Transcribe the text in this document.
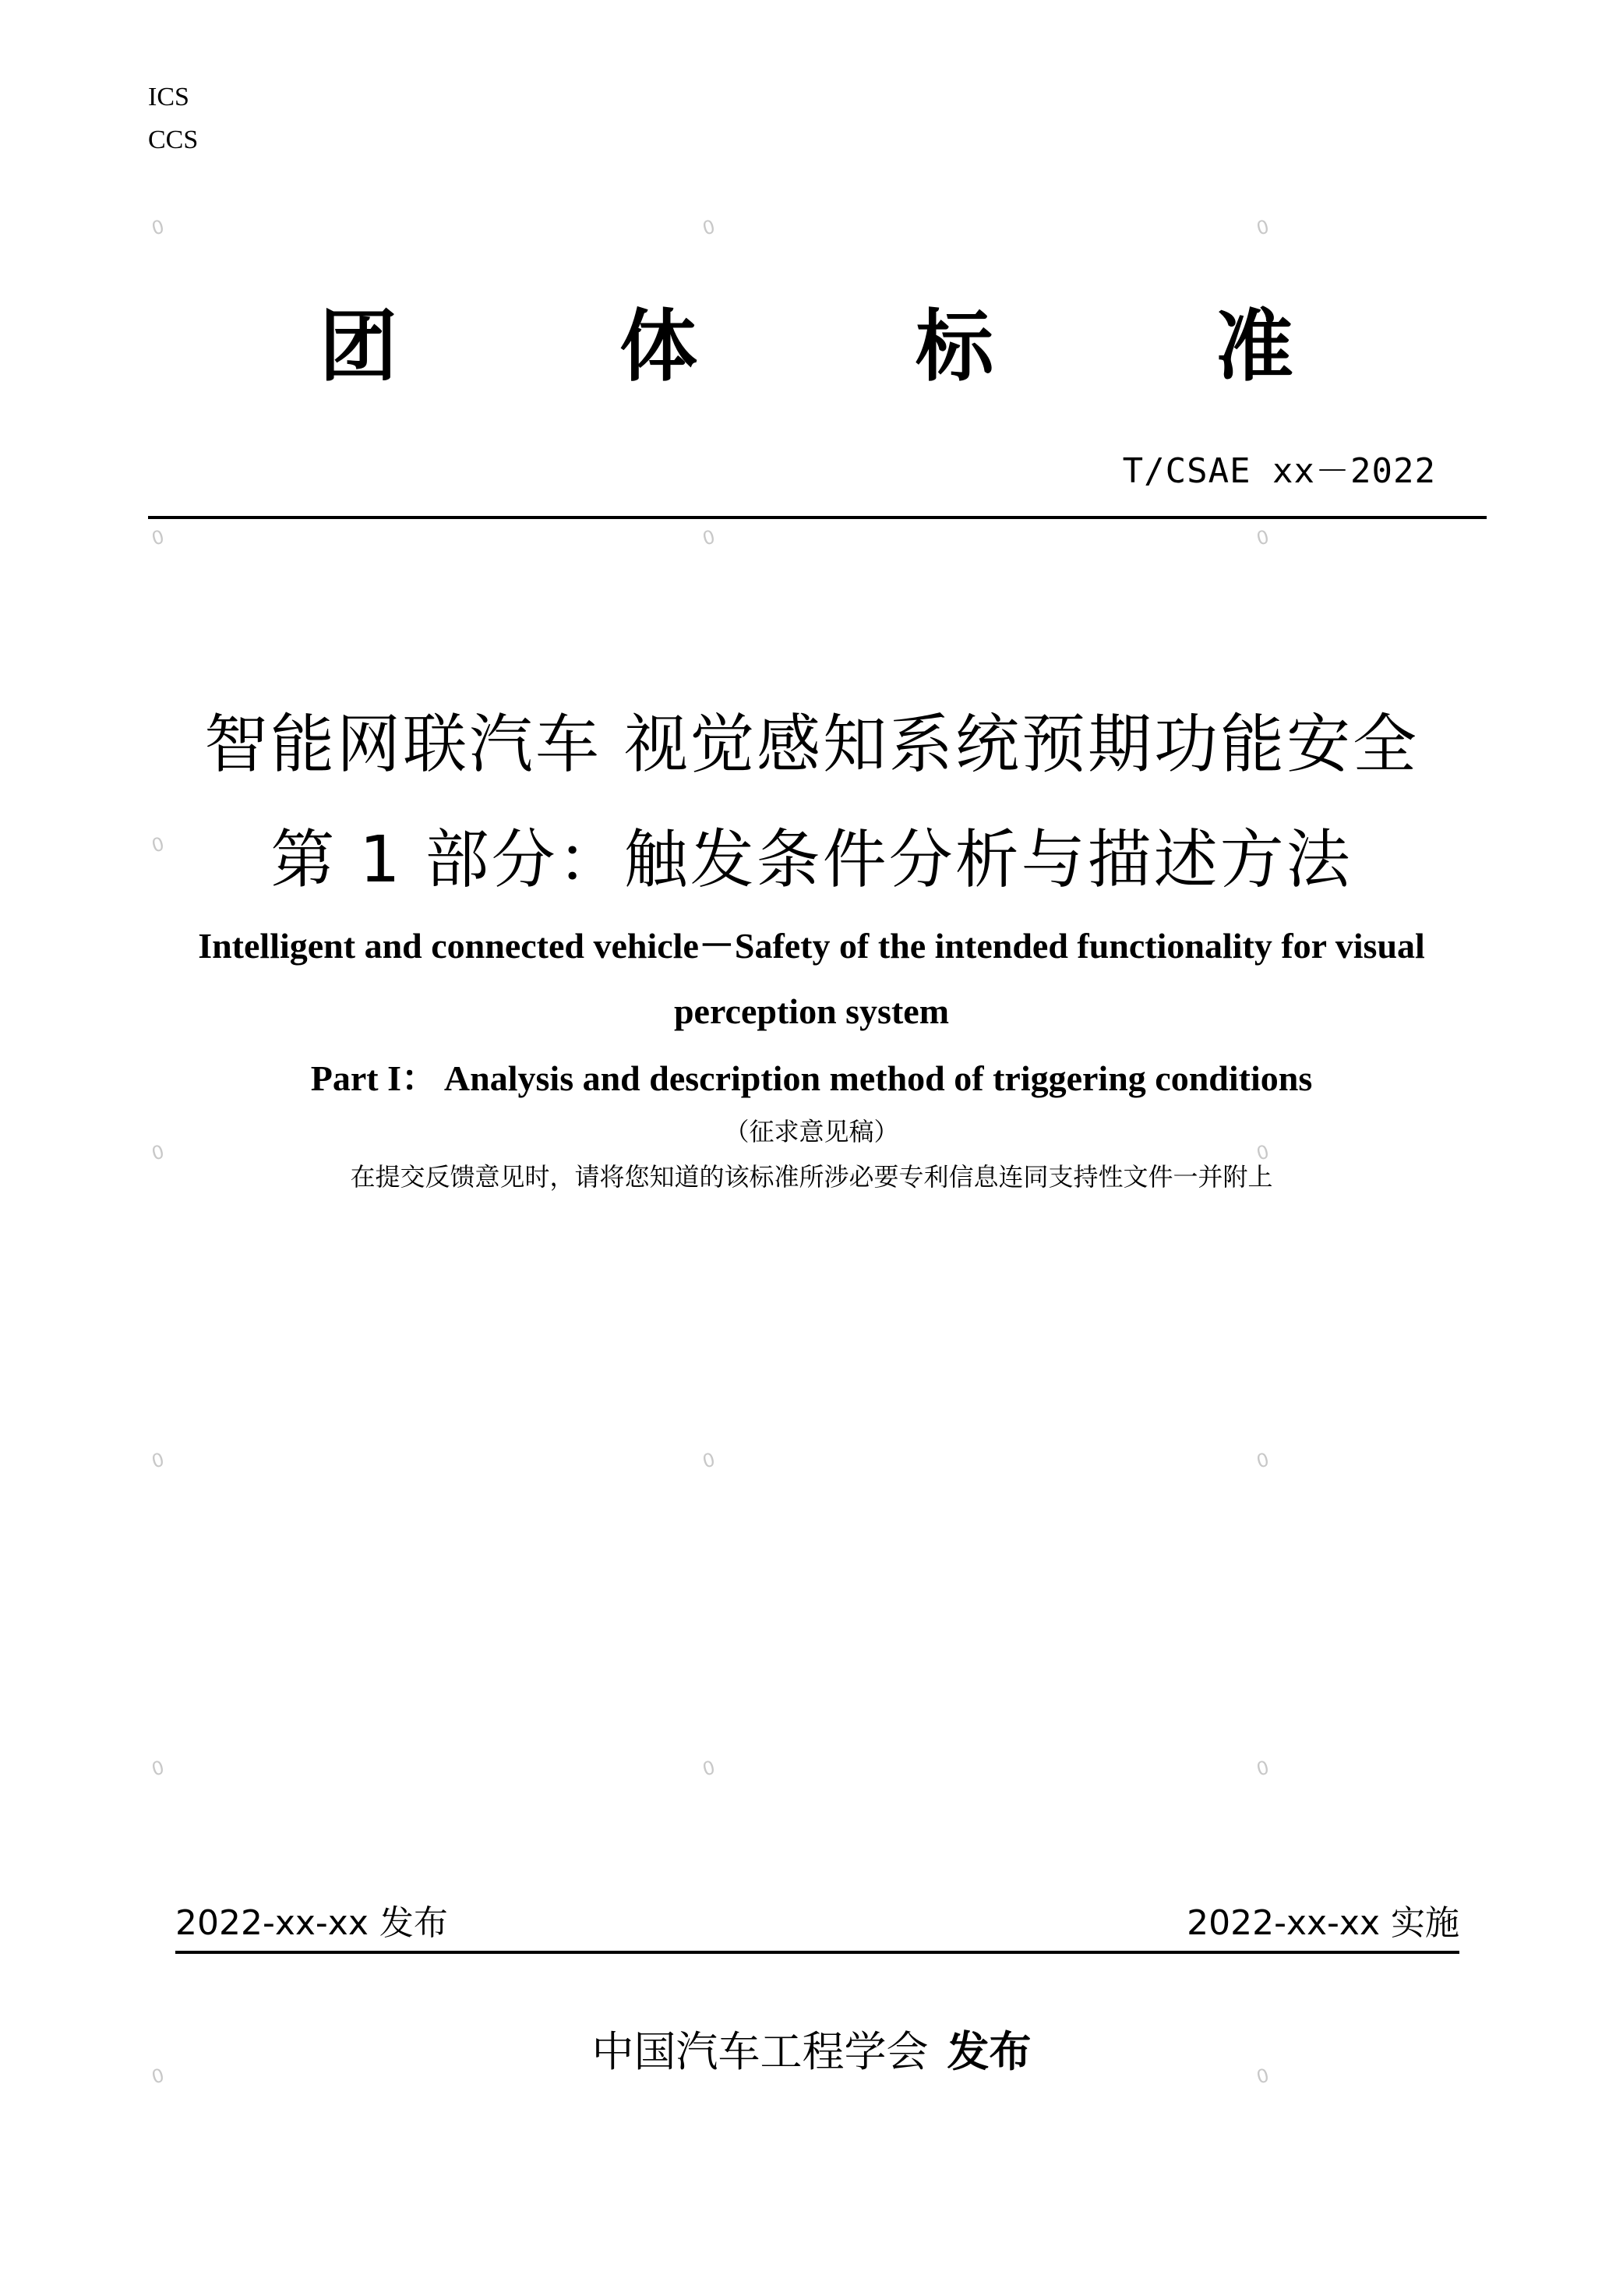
ICS
CCS
0	0	0
0	0	0
0
0	0
0	0	0
0	0	0
0	0
团	体	标	准
T/CSAE xx－2022
智能网联汽车 视觉感知系统预期功能安全
第 1 部分：触发条件分析与描述方法
Intelligent and connected vehicle－Safety of the intended functionality for visual
perception system
Part I： Analysis and description method of triggering conditions
（征求意见稿）
在提交反馈意见时，请将您知道的该标准所涉必要专利信息连同支持性文件一并附上
2022-xx-xx 发布	2022-xx-xx 实施
中国汽车工程学会 发布
